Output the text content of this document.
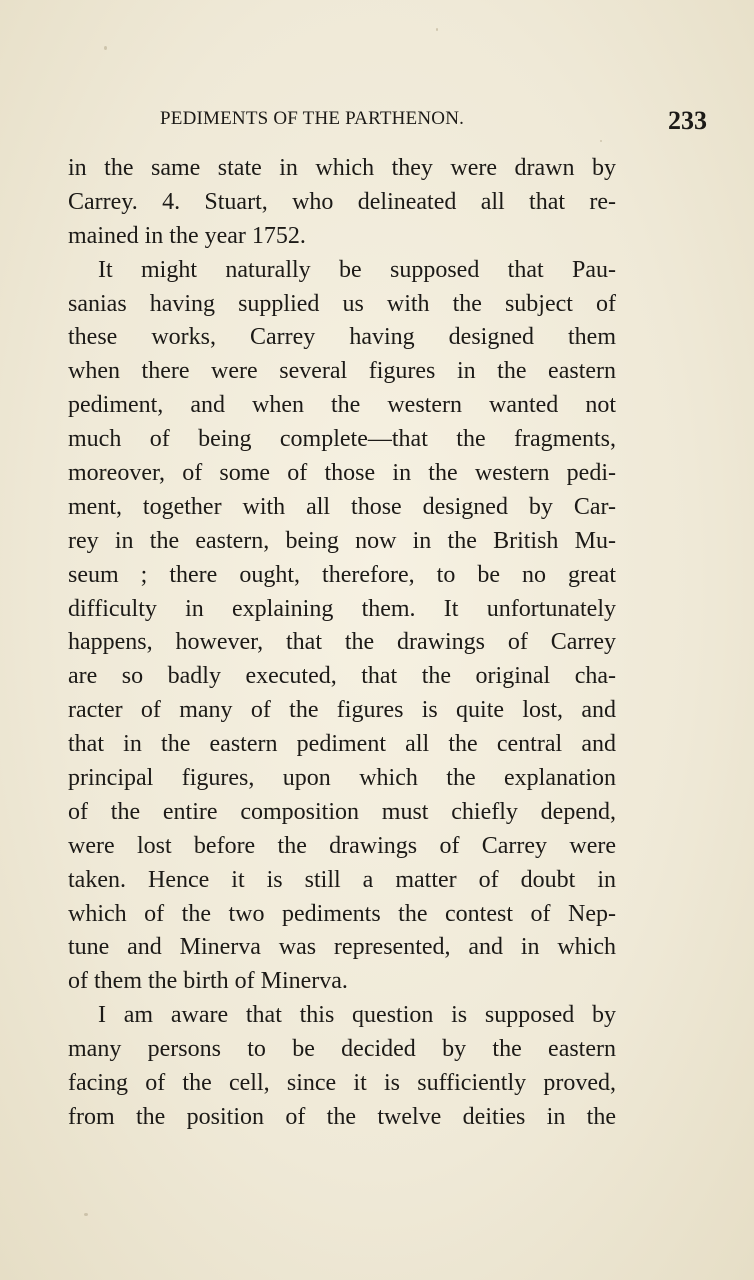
PEDIMENTS OF THE PARTHENON.	233
in the same state in which they were drawn by
Carrey. 4. Stuart, who delineated all that re-
mained in the year 1752.
It might naturally be supposed that Pau-
sanias having supplied us with the subject of
these works, Carrey having designed them
when there were several figures in the eastern
pediment, and when the western wanted not
much of being complete—that the fragments,
moreover, of some of those in the western pedi-
ment, together with all those designed by Car-
rey in the eastern, being now in the British Mu-
seum ; there ought, therefore, to be no great
difficulty in explaining them. It unfortunately
happens, however, that the drawings of Carrey
are so badly executed, that the original cha-
racter of many of the figures is quite lost, and
that in the eastern pediment all the central and
principal figures, upon which the explanation
of the entire composition must chiefly depend,
were lost before the drawings of Carrey were
taken. Hence it is still a matter of doubt in
which of the two pediments the contest of Nep-
tune and Minerva was represented, and in which
of them the birth of Minerva.
I am aware that this question is supposed by
many persons to be decided by the eastern
facing of the cell, since it is sufficiently proved,
from the position of the twelve deities in the
